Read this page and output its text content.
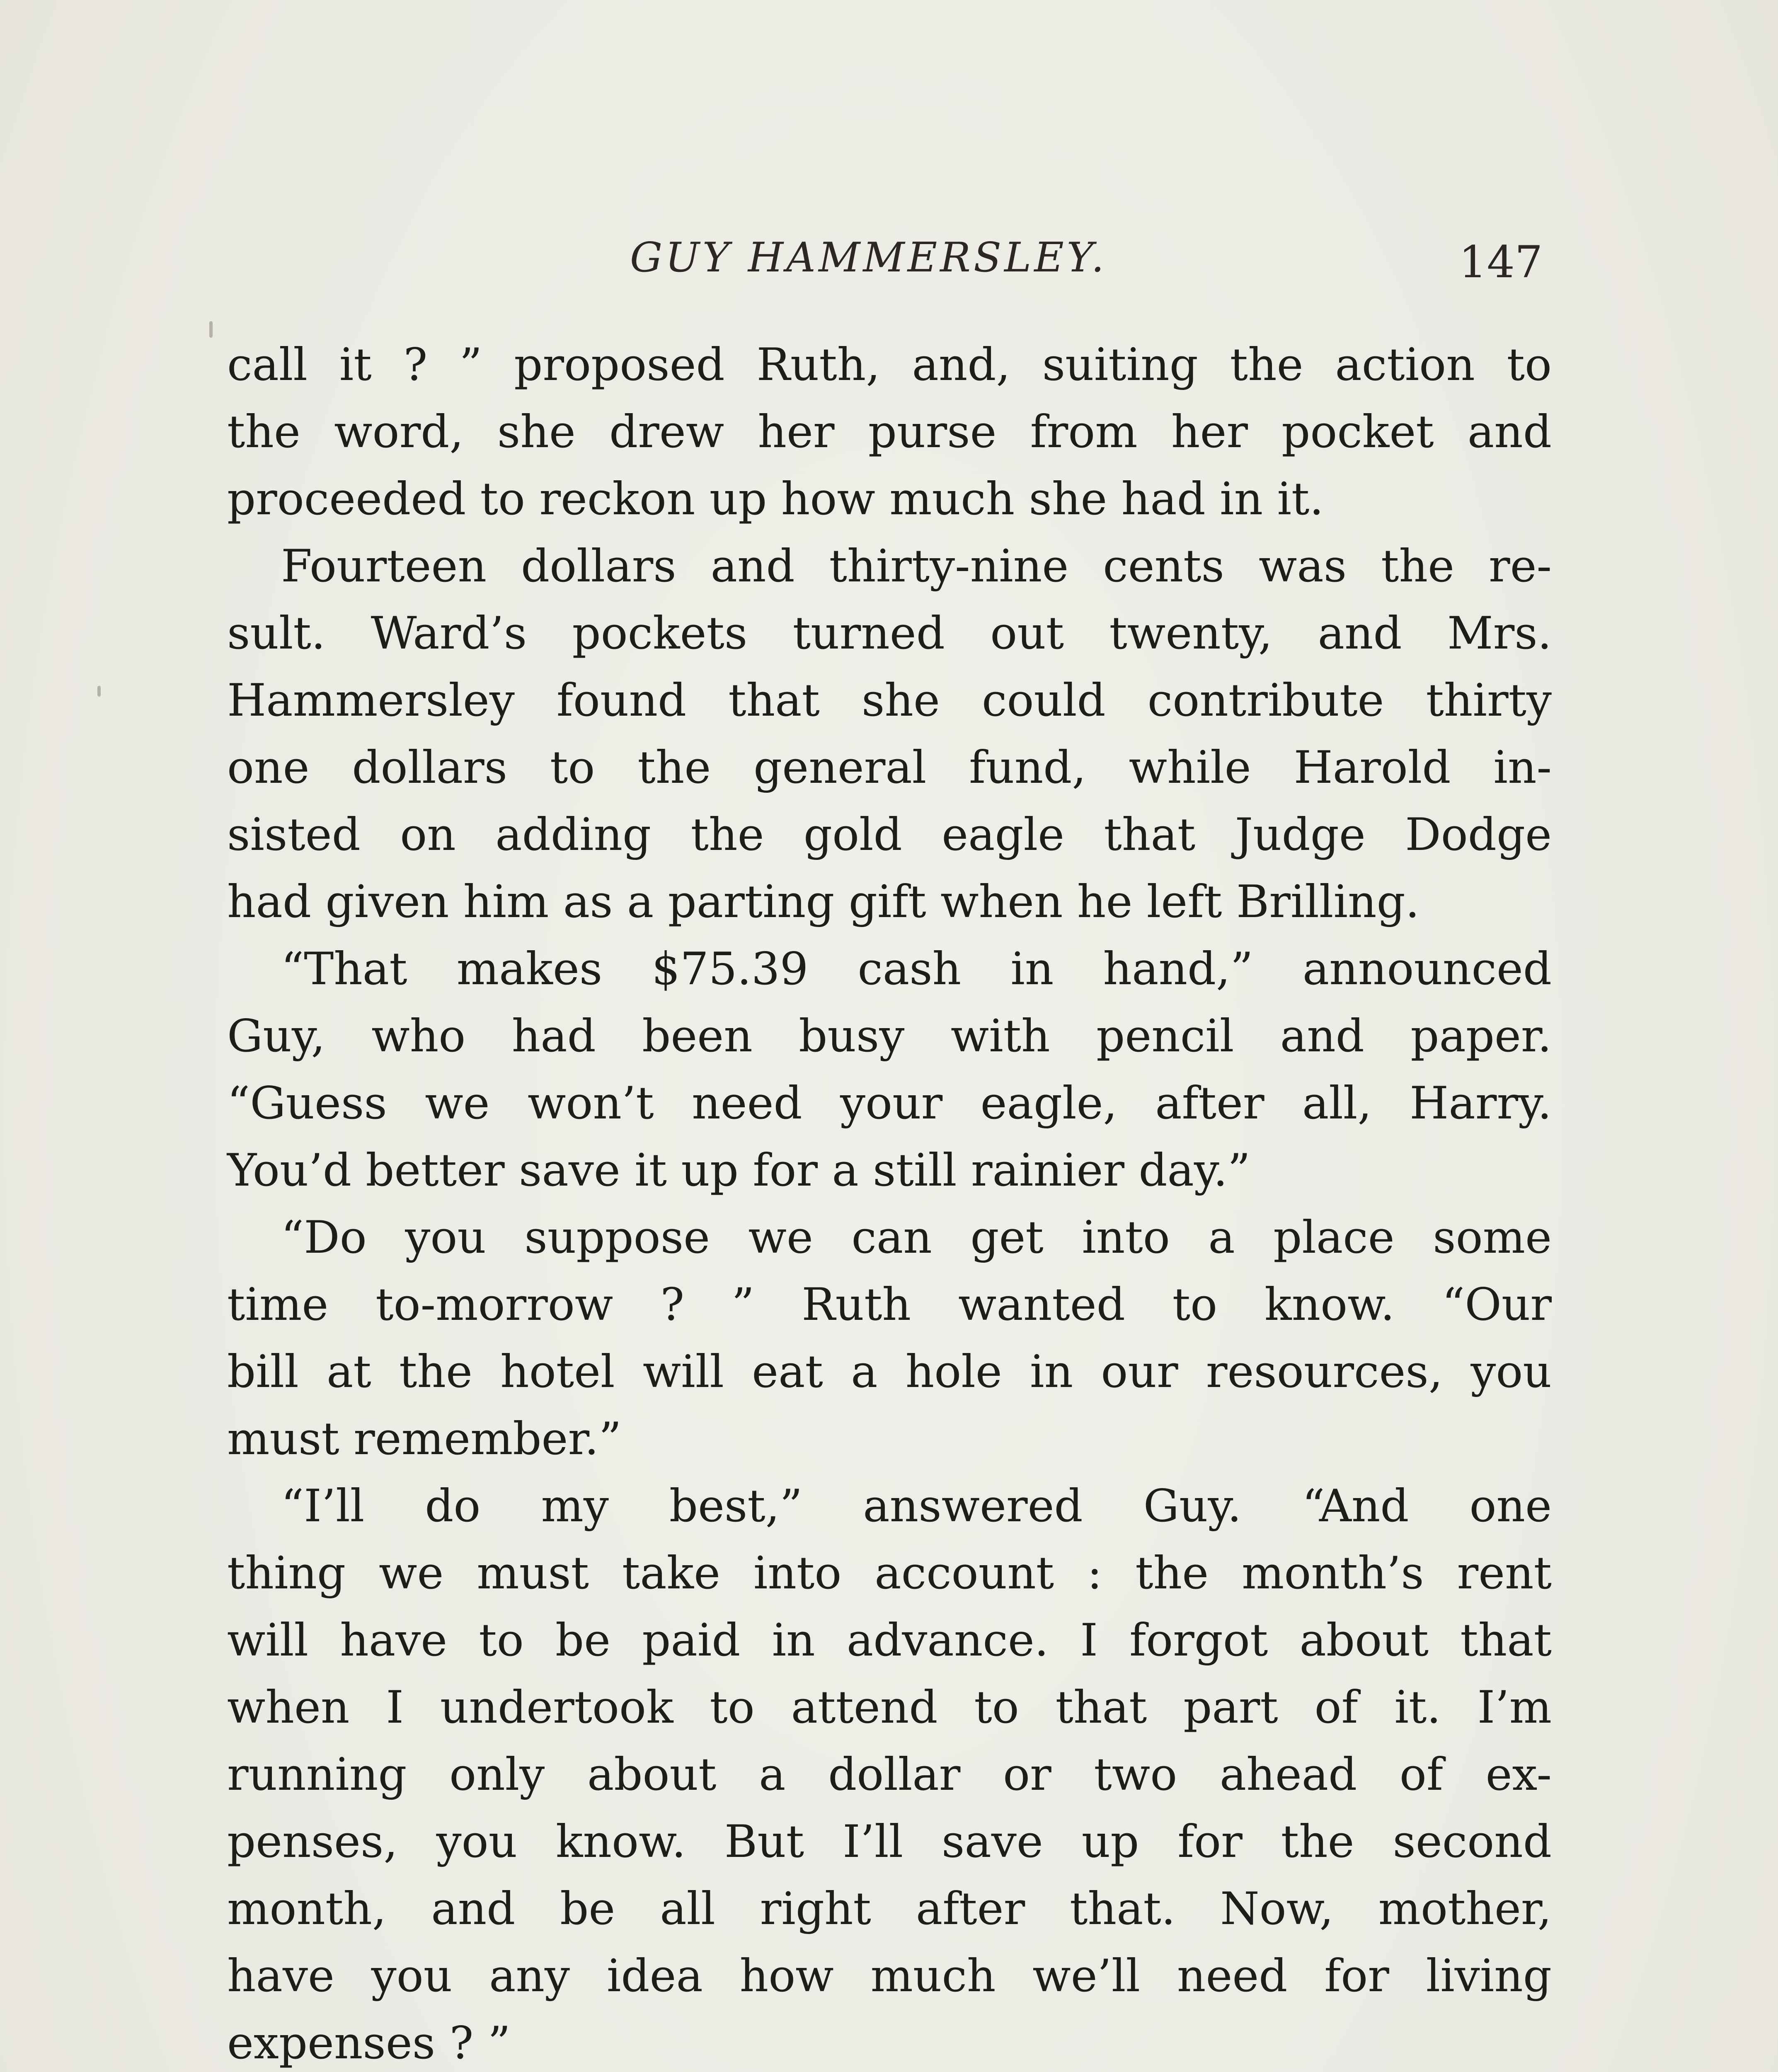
GUY HAMMERSLEY.	147
call it ? ” proposed Ruth, and, suiting the action to
the word, she drew her purse from her pocket and
proceeded to reckon up how much she had in it.
Fourteen dollars and thirty-nine cents was the re-
sult. Ward’s pockets turned out twenty, and Mrs.
Hammersley found that she could contribute thirty
one dollars to the general fund, while Harold in-
sisted on adding the gold eagle that Judge Dodge
had given him as a parting gift when he left Brilling.
“That makes $75.39 cash in hand,” announced
Guy, who had been busy with pencil and paper.
“Guess we won’t need your eagle, after all, Harry.
You’d better save it up for a still rainier day.”
“Do you suppose we can get into a place some
time to-morrow ? ” Ruth wanted to know. “Our
bill at the hotel will eat a hole in our resources, you
must remember.”
“I’ll do my best,” answered Guy. “And one
thing we must take into account : the month’s rent
will have to be paid in advance. I forgot about that
when I undertook to attend to that part of it. I’m
running only about a dollar or two ahead of ex-
penses, you know. But I’ll save up for the second
month, and be all right after that. Now, mother,
have you any idea how much we’ll need for living
expenses ? ”
